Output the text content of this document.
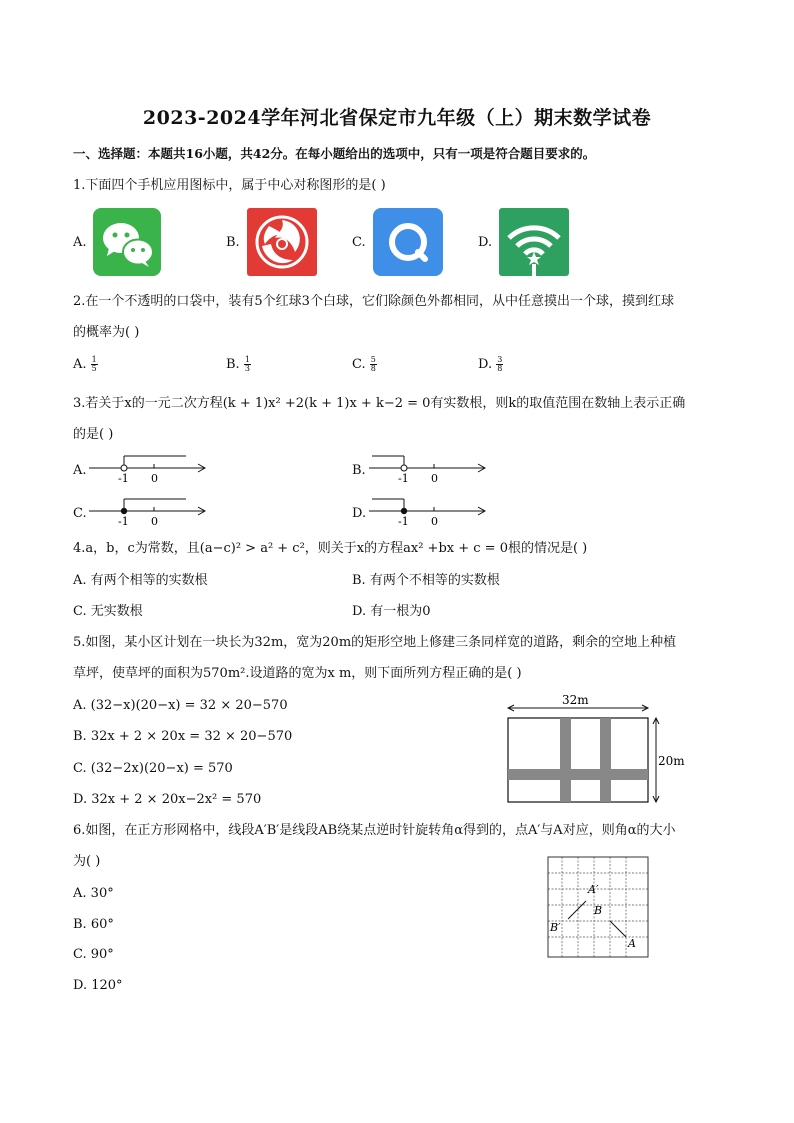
2023-2024学年河北省保定市九年级（上）期末数学试卷
一、选择题：本题共16小题，共42分。在每小题给出的选项中，只有一项是符合题目要求的。
1.下面四个手机应用图标中，属于中心对称图形的是( )
A.	B.	C.	D.
2.在一个不透明的口袋中，装有5个红球3个白球，它们除颜色外都相同，从中任意摸出一个球，摸到红球
的概率为( )
A. $\frac{1}{5}$	B. $\frac{1}{3}$	C. $\frac{5}{8}$	D. $\frac{3}{8}$
3.若关于x的一元二次方程(k + 1)x² +2(k + 1)x + k−2 = 0有实数根，则k的取值范围在数轴上表示正确
的是( )
A.
-1 0
B.
-1 0
C.
-1 0
D.
-1 0
4.a，b，c为常数，且(a−c)² > a² + c²，则关于x的方程ax² +bx + c = 0根的情况是( )
A. 有两个相等的实数根	B. 有两个不相等的实数根
C. 无实数根	D. 有一根为0
5.如图，某小区计划在一块长为32m，宽为20m的矩形空地上修建三条同样宽的道路，剩余的空地上种植
草坪，使草坪的面积为570m².设道路的宽为x m，则下面所列方程正确的是( )
A. (32−x)(20−x) = 32 × 20−570
B. 32x + 2 × 20x = 32 × 20−570
C. (32−2x)(20−x) = 570
D. 32x + 2 × 20x−2x² = 570
32m
20m
6.如图，在正方形网格中，线段A′B′是线段AB绕某点逆时针旋转角α得到的，点A′与A对应，则角α的大小
为( )
A. 30°
B. 60°
C. 90°
D. 120°
A′
B
B′
A
